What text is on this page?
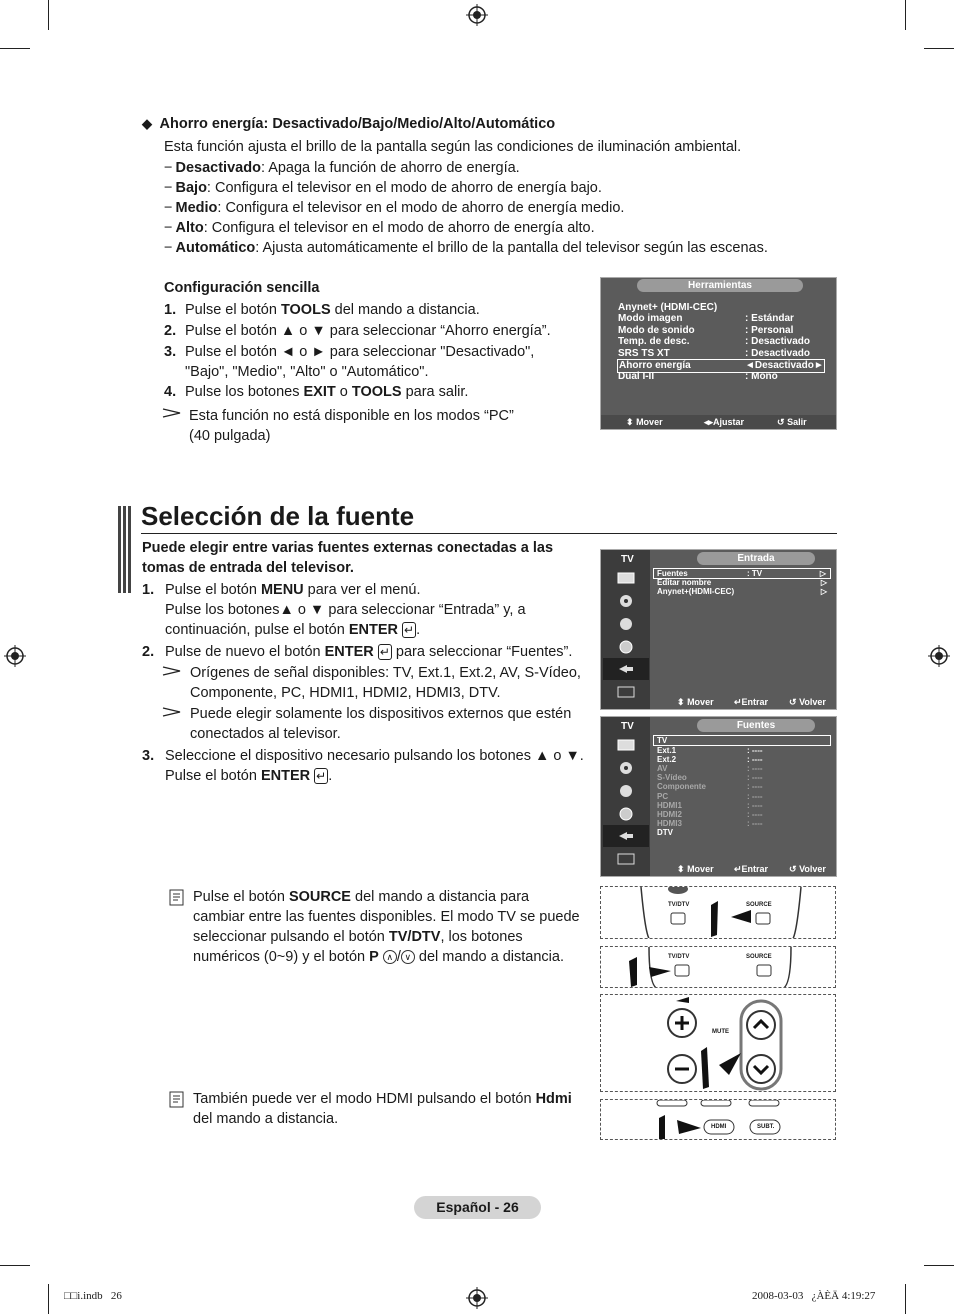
◆ Ahorro energía: Desactivado/Bajo/Medio/Alto/Automático
Esta función ajusta el brillo de la pantalla según las condiciones de iluminación ambiental.
− Desactivado: Apaga la función de ahorro de energía.
− Bajo: Configura el televisor en el modo de ahorro de energía bajo.
− Medio: Configura el televisor en el modo de ahorro de energía medio.
− Alto: Configura el televisor en el modo de ahorro de energía alto.
− Automático: Ajusta automáticamente el brillo de la pantalla del televisor según las escenas.
Configuración sencilla
1. Pulse el botón TOOLS del mando a distancia.
2. Pulse el botón ▲ o ▼ para seleccionar “Ahorro energía”.
3. Pulse el botón ◄ o ► para seleccionar "Desactivado",
"Bajo", "Medio", "Alto" o "Automático".
4. Pulse los botones EXIT o TOOLS para salir.
Esta función no está disponible en los modos “PC”
(40 pulgada)
Herramientas
Anynet+ (HDMI-CEC)
Modo imagen	: Estándar
Modo de sonido	: Personal
Temp. de desc.	: Desactivado
SRS TS XT	: Desactivado
Ahorro energía	◄Desactivado►
Dual I-II	: Mono
⬍ Mover	◂▸Ajustar	↺ Salir
Selección de la fuente
Puede elegir entre varias fuentes externas conectadas a las
tomas de entrada del televisor.
1. Pulse el botón MENU para ver el menú.
Pulse los botones▲ o ▼ para seleccionar “Entrada” y, a
continuación, pulse el botón ENTER ↵ .
2. Pulse de nuevo el botón ENTER ↵ para seleccionar “Fuentes”.
Orígenes de señal disponibles: TV, Ext.1, Ext.2, AV, S-Vídeo,
Componente, PC, HDMI1, HDMI2, HDMI3, DTV.
Puede elegir solamente los dispositivos externos que estén
conectados al televisor.
3. Seleccione el dispositivo necesario pulsando los botones ▲ o ▼.
Pulse el botón ENTER ↵ .
Pulse el botón SOURCE del mando a distancia para
cambiar entre las fuentes disponibles. El modo TV se puede
seleccionar pulsando el botón TV/DTV, los botones
numéricos (0~9) y el botón P ∧ / ∨ del mando a distancia.
También puede ver el modo HDMI pulsando el botón Hdmi
del mando a distancia.
TV	Entrada
Fuentes	: TV	▷
Editar nombre	▷
Anynet+(HDMI-CEC)	▷
⬍ Mover ↵Entrar ↺ Volver
TV	Fuentes
TV
Ext.1	: ----
Ext.2	: ----
AV	: ----
S-Vídeo	: ----
Componente	: ----
PC	: ----
HDMI1	: ----
HDMI2	: ----
HDMI3	: ----
DTV
⬍ Mover ↵Entrar ↺ Volver
TV/DTV	SOURCE
TV/DTV	SOURCE
MUTE
HDMI	SUBT.
Español - 26
□□i.indb   26	2008-03-03   ¿ÀÈÄ 4:19:27
